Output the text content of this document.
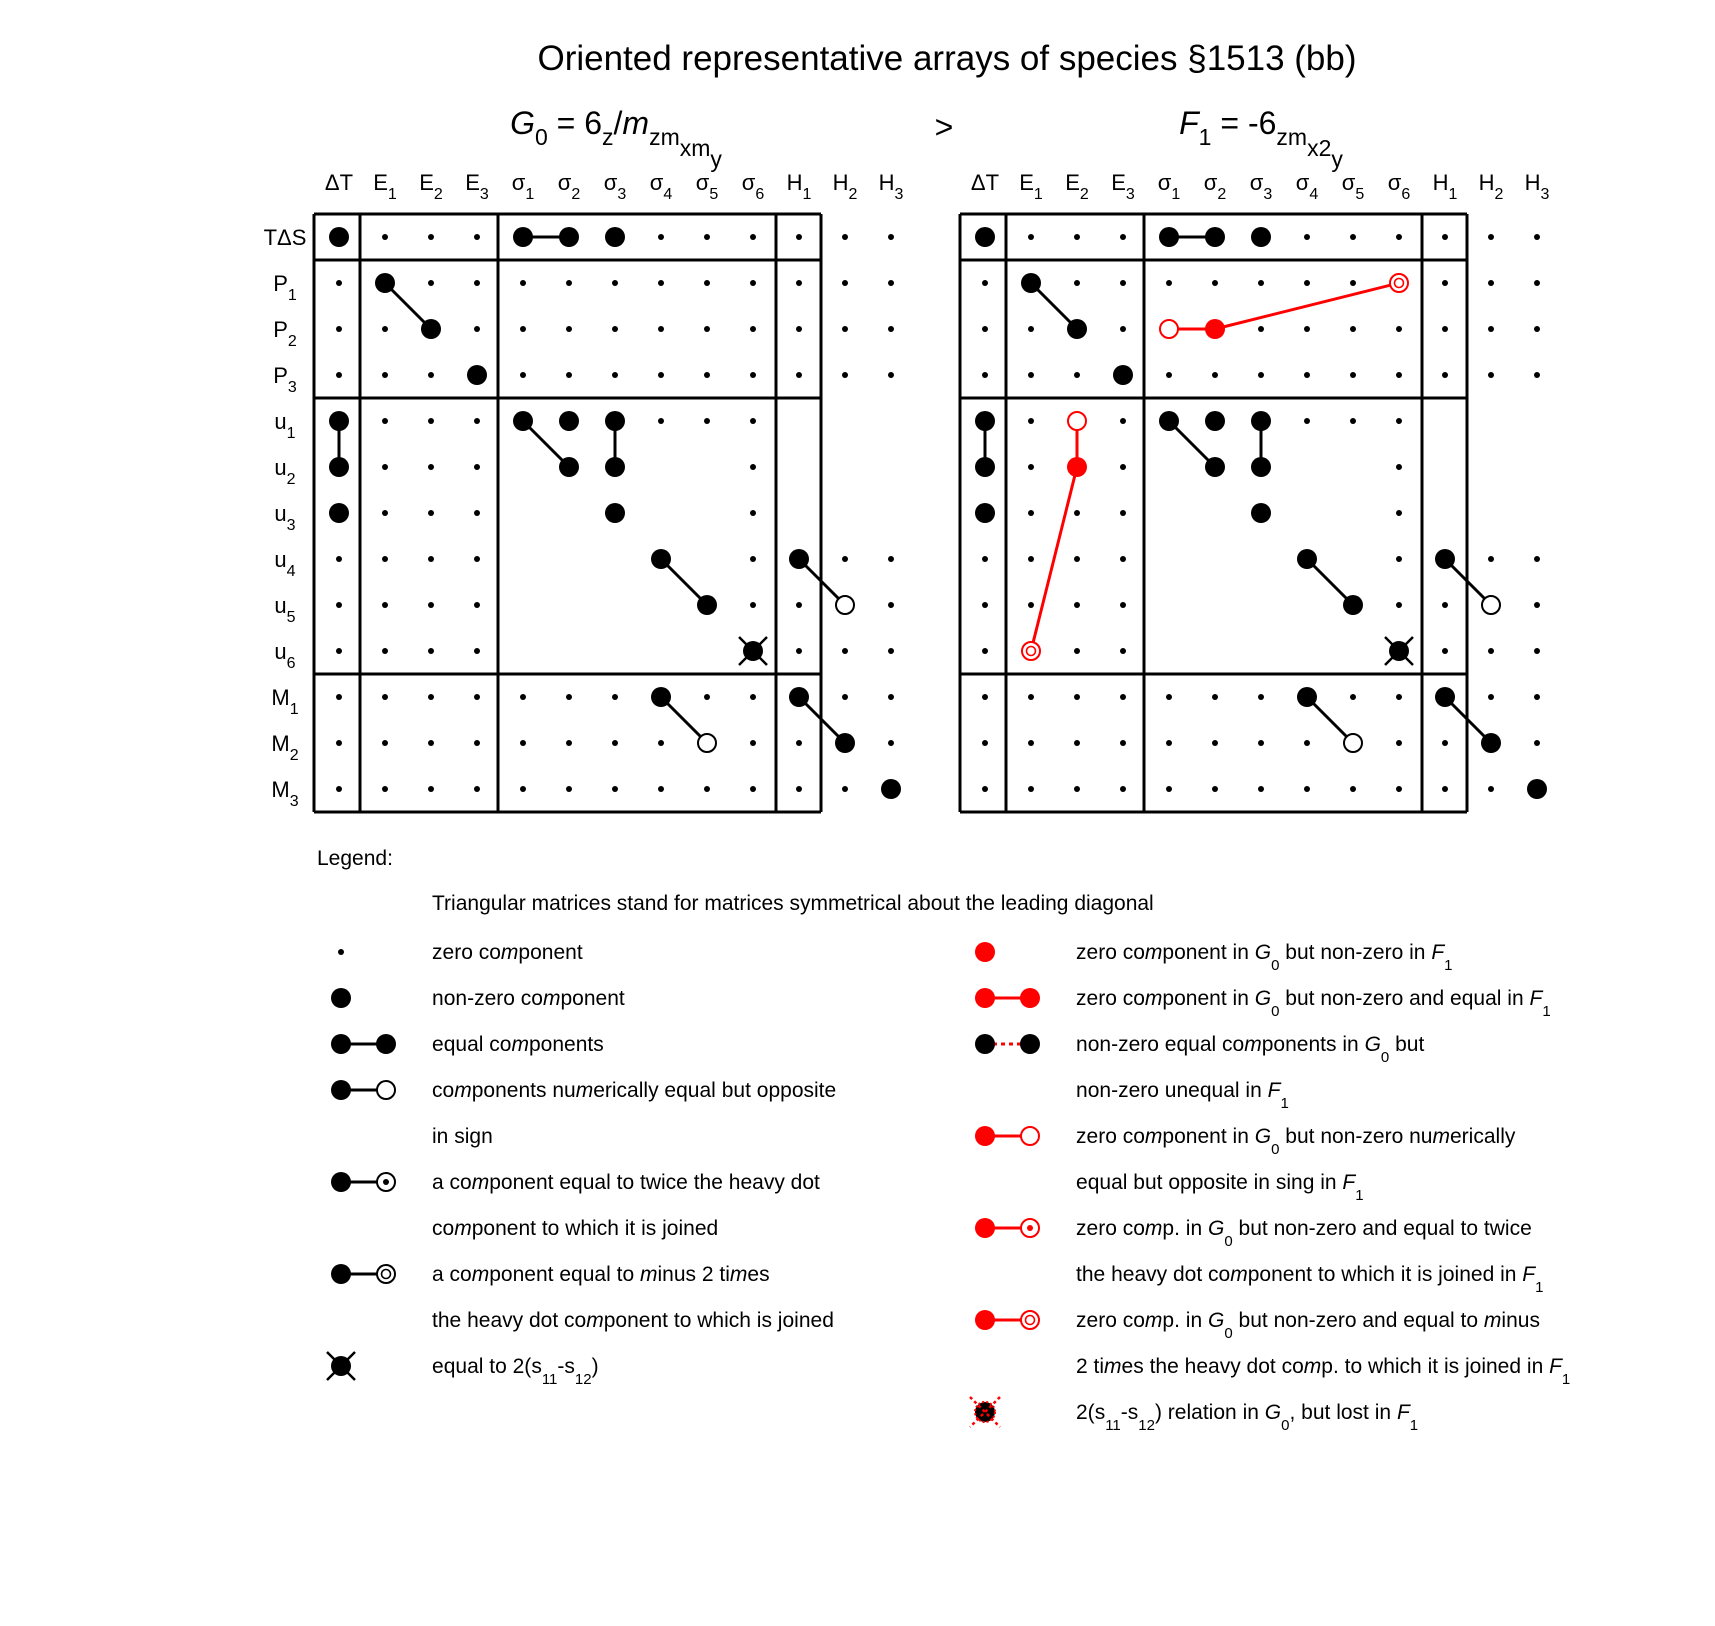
Oriented representative arrays of species §1513 (bb)
$G_0 = 6_z/m_{zmxmy}$
>	$F_1 = -6_{zmx2y}$
TΔS
$P_1$
$P_2$
$P_3$
$u_1$
$u_2$
$u_3$
$u_4$
$u_5$
$u_6$
$M_1$
$M_2$
$M_3$
ΔT $E_1$ $E_2$ $E_3$ $\sigma_1$ $\sigma_2$ $\sigma_3$ $\sigma_4$ $\sigma_5$ $\sigma_6$ $H_1$ $H_2$ $H_3$	ΔT $E_1$ $E_2$ $E_3$ $\sigma_1$ $\sigma_2$ $\sigma_3$ $\sigma_4$ $\sigma_5$ $\sigma_6$ $H_1$ $H_2$ $H_3$
Legend:
Triangular matrices stand for matrices symmetrical about the leading diagonal
zero component
non-zero component
equal components
components numerically equal but opposite
in sign
a component equal to twice the heavy dot
component to which it is joined
a component equal to minus 2 times
the heavy dot component to which is joined
equal to $2(s_{11}-s_{12})$
zero component in $G_0$ but non-zero in $F_1$
zero component in $G_0$ but non-zero and equal in $F_1$
non-zero equal components in $G_0$ but
non-zero unequal in $F_1$
zero component in $G_0$ but non-zero numerically
equal but opposite in sing in $F_1$
zero comp. in $G_0$ but non-zero and equal to twice
the heavy dot component to which it is joined in $F_1$
zero comp. in $G_0$ but non-zero and equal to minus
2 times the heavy dot comp. to which it is joined in $F_1$
$2(s_{11}-s_{12})$ relation in $G_0$, but lost in $F_1$
